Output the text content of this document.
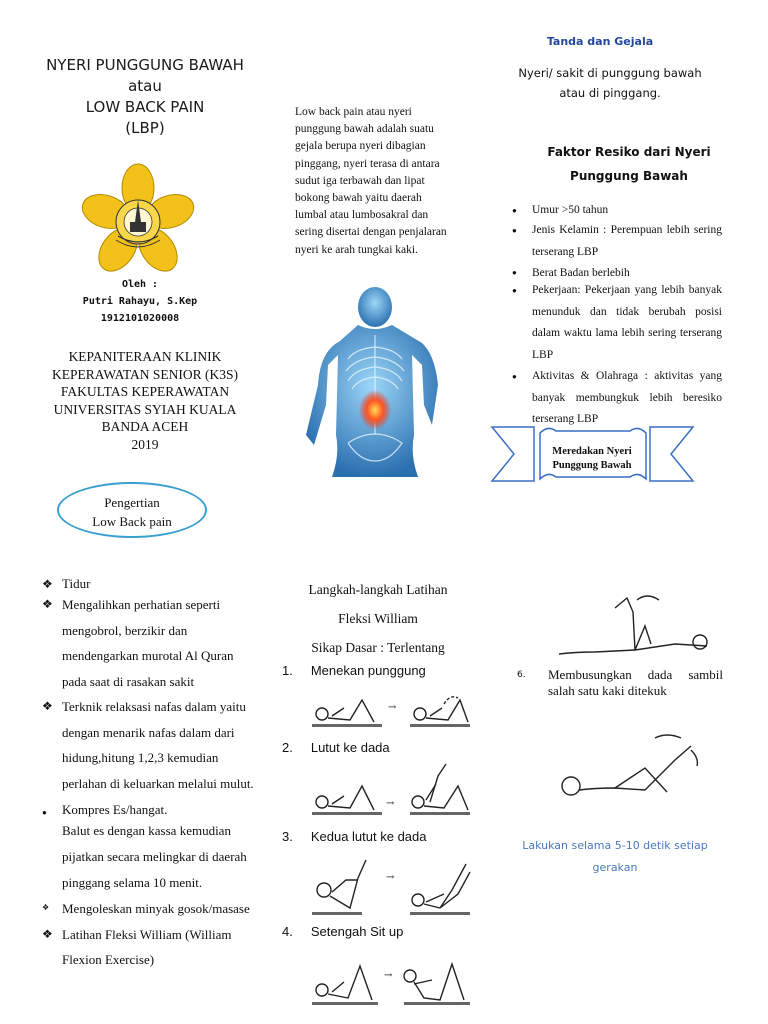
NYERI PUNGGUNG BAWAH
atau
LOW BACK PAIN
(LBP)
Oleh :
Putri Rahayu, S.Kep
1912101020008
KEPANITERAAN KLINIK
KEPERAWATAN SENIOR (K3S)
FAKULTAS KEPERAWATAN
UNIVERSITAS SYIAH KUALA
BANDA ACEH
2019
Pengertian
Low Back pain
❖ Tidur
❖ Mengalihkan perhatian seperti mengobrol, berzikir dan mendengarkan murotal Al Quran pada saat di rasakan sakit
❖ Terknik relaksasi nafas dalam yaitu dengan menarik nafas dalam dari hidung,hitung 1,2,3 kemudian perlahan di keluarkan melalui mulut.
● Kompres Es/hangat.
Balut es dengan kassa kemudian pijatkan secara melingkar di daerah pinggang selama 10 menit.
❖ Mengoleskan minyak gosok/masase
❖ Latihan Fleksi William (William Flexion Exercise)
Low back pain atau nyeri punggung bawah adalah suatu gejala berupa nyeri dibagian pinggang, nyeri terasa di antara sudut iga terbawah dan lipat bokong bawah yaitu daerah lumbal atau lumbosakral dan sering disertai dengan penjalaran nyeri ke arah tungkai kaki.
Langkah-langkah Latihan
Fleksi William
Sikap Dasar : Terlentang
1. Menekan punggung
→
2. Lutut ke dada
→
3. Kedua lutut ke dada
→
4. Setengah Sit up
→
Tanda dan Gejala
Nyeri/ sakit di punggung bawah
atau di pinggang.
Faktor Resiko dari Nyeri
Punggung Bawah
● Umur >50 tahun
● Jenis Kelamin : Perempuan lebih sering terserang LBP
● Berat Badan berlebih
● Pekerjaan: Pekerjaan yang lebih banyak menunduk dan tidak berubah posisi dalam waktu lama lebih sering terserang LBP
● Aktivitas & Olahraga : aktivitas yang banyak membungkuk lebih beresiko terserang LBP
Meredakan Nyeri
Punggung Bawah
6. Membusungkan dada sambil salah satu kaki ditekuk
Lakukan selama 5-10 detik setiap
gerakan
